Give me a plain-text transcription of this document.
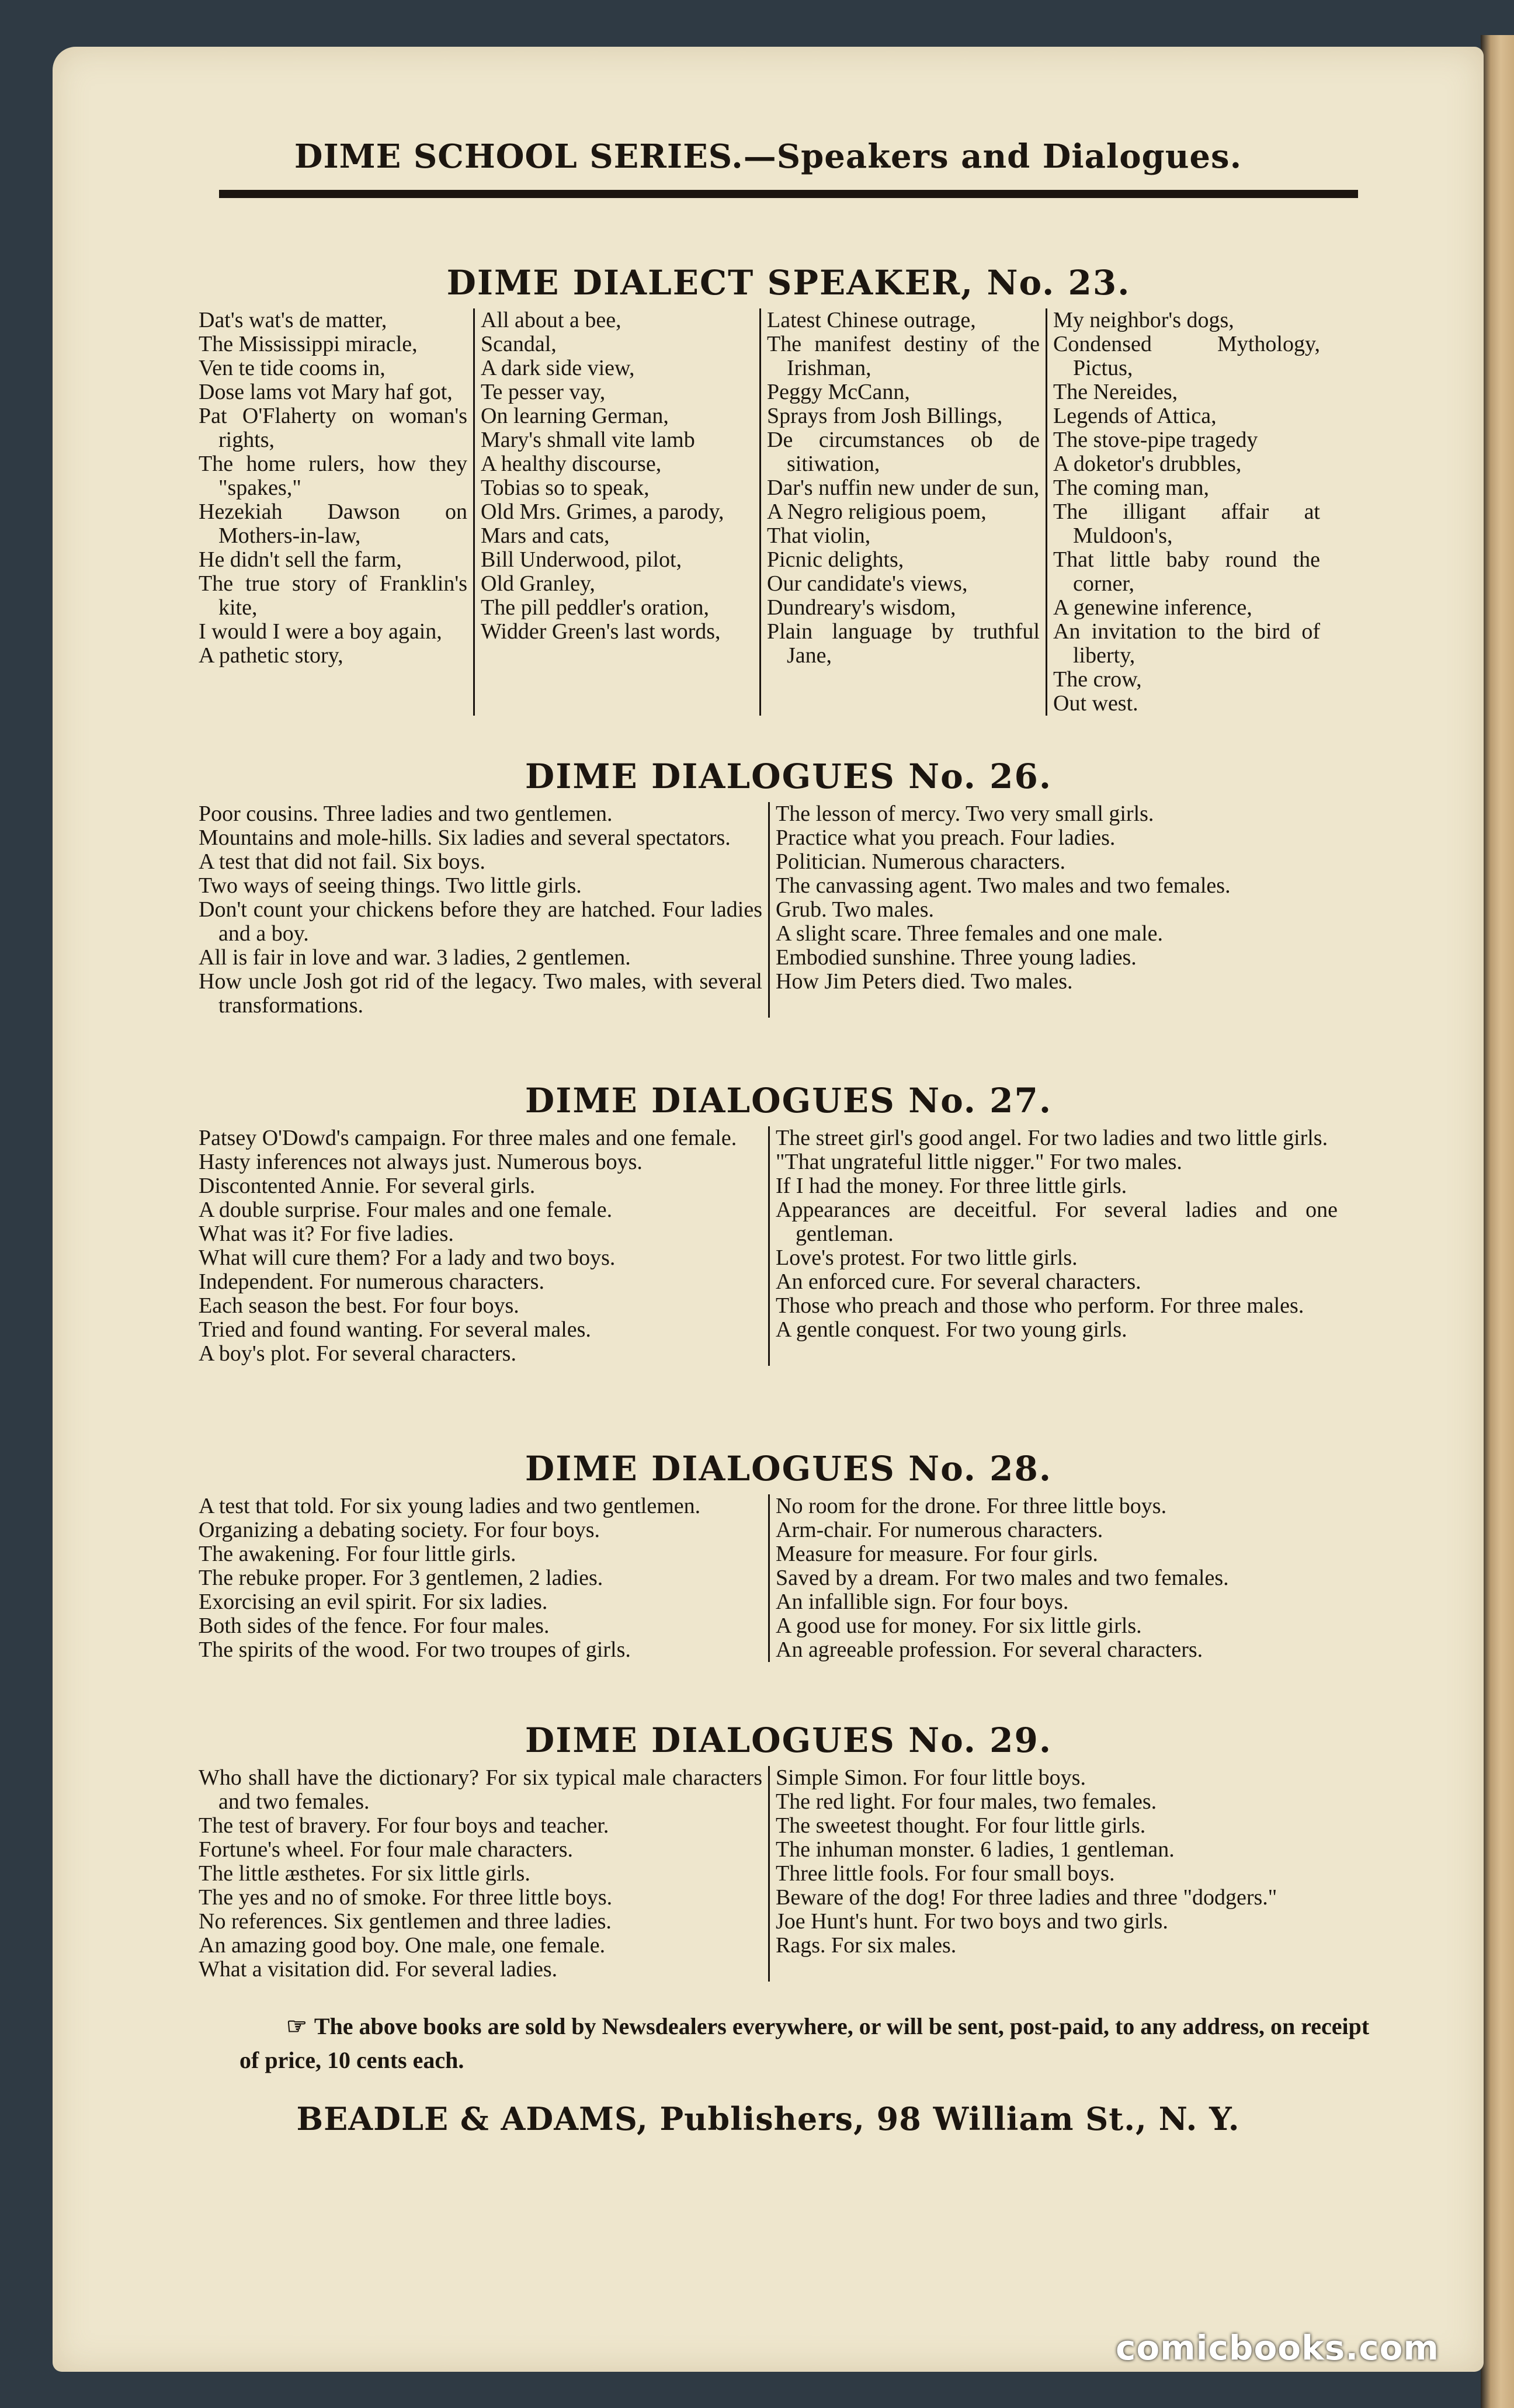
DIME SCHOOL SERIES.—Speakers and Dialogues.
DIME DIALECT SPEAKER, No. 23.
Dat's wat's de matter,
The Mississippi miracle,
Ven te tide cooms in,
Dose lams vot Mary haf got,
Pat O'Flaherty on woman's rights,
The home rulers, how they "spakes,"
Hezekiah Dawson on Mothers-in-law,
He didn't sell the farm,
The true story of Franklin's kite,
I would I were a boy again,
A pathetic story,
All about a bee,
Scandal,
A dark side view,
Te pesser vay,
On learning German,
Mary's shmall vite lamb
A healthy discourse,
Tobias so to speak,
Old Mrs. Grimes, a parody,
Mars and cats,
Bill Underwood, pilot,
Old Granley,
The pill peddler's oration,
Widder Green's last words,
Latest Chinese outrage,
The manifest destiny of the Irishman,
Peggy McCann,
Sprays from Josh Billings,
De circumstances ob de sitiwation,
Dar's nuffin new under de sun,
A Negro religious poem,
That violin,
Picnic delights,
Our candidate's views,
Dundreary's wisdom,
Plain language by truthful Jane,
My neighbor's dogs,
Condensed Mythology, Pictus,
The Nereides,
Legends of Attica,
The stove-pipe tragedy
A doketor's drubbles,
The coming man,
The illigant affair at Muldoon's,
That little baby round the corner,
A genewine inference,
An invitation to the bird of liberty,
The crow,
Out west.
DIME DIALOGUES No. 26.
Poor cousins. Three ladies and two gentlemen.
Mountains and mole-hills. Six ladies and several spectators.
A test that did not fail. Six boys.
Two ways of seeing things. Two little girls.
Don't count your chickens before they are hatched. Four ladies and a boy.
All is fair in love and war. 3 ladies, 2 gentlemen.
How uncle Josh got rid of the legacy. Two males, with several transformations.
The lesson of mercy. Two very small girls.
Practice what you preach. Four ladies.
Politician. Numerous characters.
The canvassing agent. Two males and two females.
Grub. Two males.
A slight scare. Three females and one male.
Embodied sunshine. Three young ladies.
How Jim Peters died. Two males.
DIME DIALOGUES No. 27.
Patsey O'Dowd's campaign. For three males and one female.
Hasty inferences not always just. Numerous boys.
Discontented Annie. For several girls.
A double surprise. Four males and one female.
What was it? For five ladies.
What will cure them? For a lady and two boys.
Independent. For numerous characters.
Each season the best. For four boys.
Tried and found wanting. For several males.
A boy's plot. For several characters.
The street girl's good angel. For two ladies and two little girls.
"That ungrateful little nigger." For two males.
If I had the money. For three little girls.
Appearances are deceitful. For several ladies and one gentleman.
Love's protest. For two little girls.
An enforced cure. For several characters.
Those who preach and those who perform. For three males.
A gentle conquest. For two young girls.
DIME DIALOGUES No. 28.
A test that told. For six young ladies and two gentlemen.
Organizing a debating society. For four boys.
The awakening. For four little girls.
The rebuke proper. For 3 gentlemen, 2 ladies.
Exorcising an evil spirit. For six ladies.
Both sides of the fence. For four males.
The spirits of the wood. For two troupes of girls.
No room for the drone. For three little boys.
Arm-chair. For numerous characters.
Measure for measure. For four girls.
Saved by a dream. For two males and two females.
An infallible sign. For four boys.
A good use for money. For six little girls.
An agreeable profession. For several characters.
DIME DIALOGUES No. 29.
Who shall have the dictionary? For six typical male characters and two females.
The test of bravery. For four boys and teacher.
Fortune's wheel. For four male characters.
The little æsthetes. For six little girls.
The yes and no of smoke. For three little boys.
No references. Six gentlemen and three ladies.
An amazing good boy. One male, one female.
What a visitation did. For several ladies.
Simple Simon. For four little boys.
The red light. For four males, two females.
The sweetest thought. For four little girls.
The inhuman monster. 6 ladies, 1 gentleman.
Three little fools. For four small boys.
Beware of the dog! For three ladies and three "dodgers."
Joe Hunt's hunt. For two boys and two girls.
Rags. For six males.
☞ The above books are sold by Newsdealers everywhere, or will be sent, post-paid, to any address, on receipt of price, 10 cents each.
BEADLE & ADAMS, Publishers, 98 William St., N. Y.
comicbooks.com
